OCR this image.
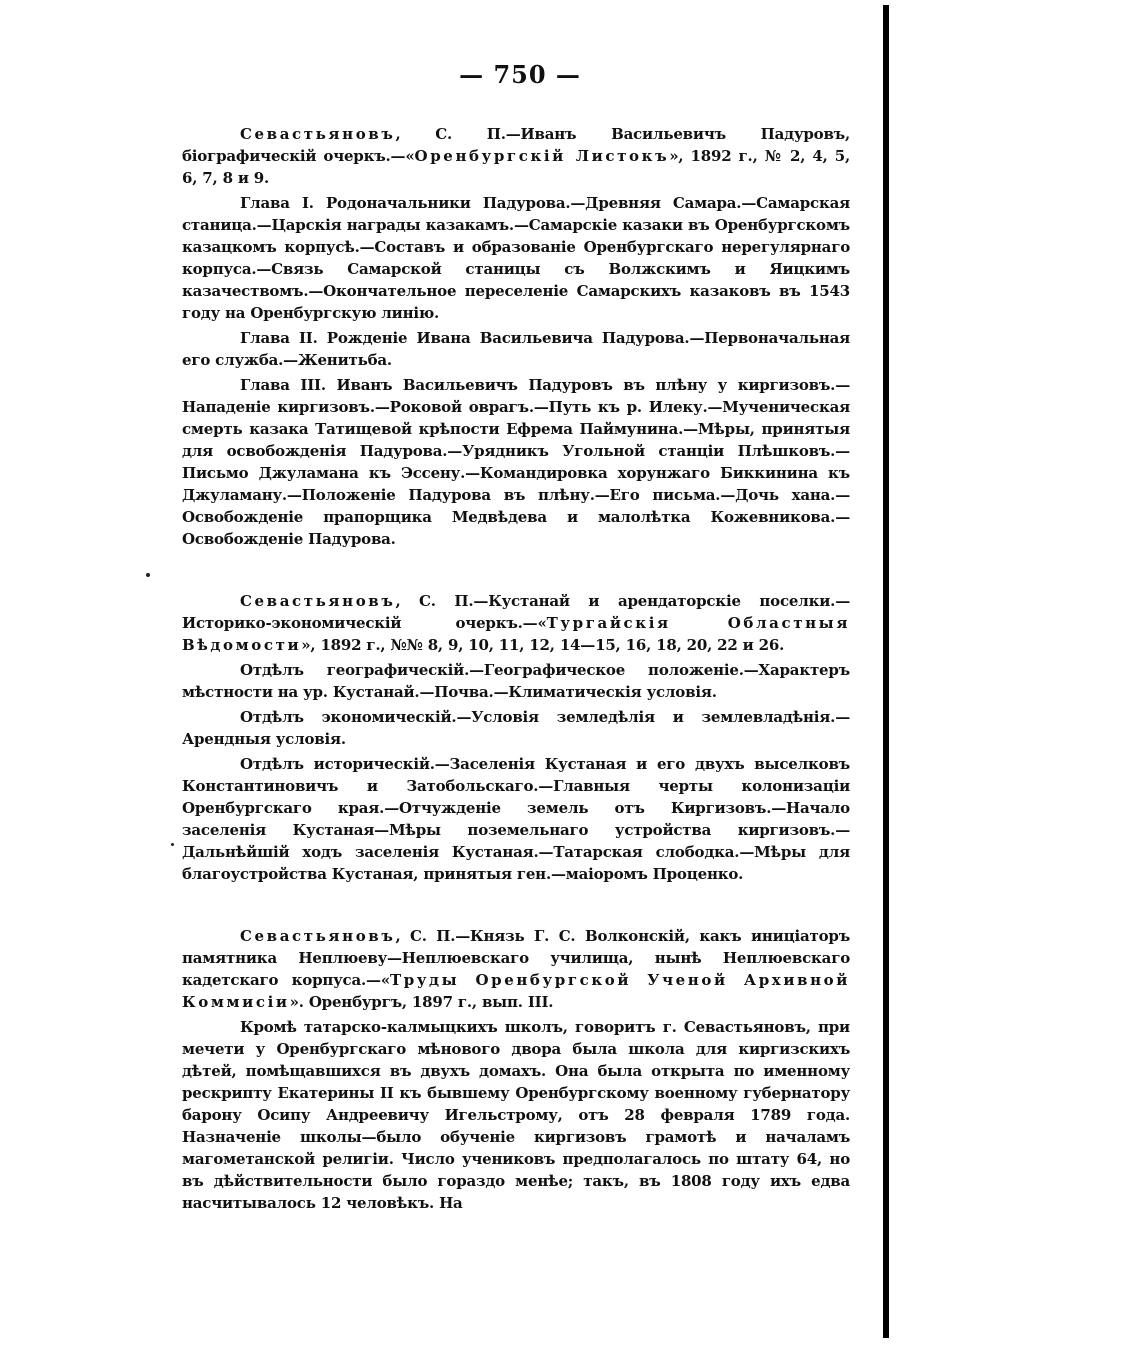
— 750 —

Севастьяновъ, С. П.—Иванъ Васильевичъ Падуровъ, біографическій очеркъ.—«Оренбургскій Листокъ», 1892 г., № 2, 4, 5, 6, 7, 8 и 9.

Глава I. Родоначальники Падурова.—Древняя Самара.—Самарская станица.—Царскія награды казакамъ.—Самарскіе казаки въ Оренбургскомъ казацкомъ корпусѣ.—Составъ и образованіе Оренбургскаго нерегулярнаго корпуса.—Связь Самарской станицы съ Волжскимъ и Яицкимъ казачествомъ.—Окончательное переселеніе Самарскихъ казаковъ въ 1543 году на Оренбургскую линію.

Глава II. Рожденіе Ивана Васильевича Падурова.—Первоначальная его служба.—Женитьба.

Глава III. Иванъ Васильевичъ Падуровъ въ плѣну у киргизовъ.—Нападеніе киргизовъ.—Роковой оврагъ.—Путь къ р. Илеку.—Мученическая смерть казака Татищевой крѣпости Ефрема Паймунина.—Мѣры, принятыя для освобожденія Падурова.—Урядникъ Угольной станціи Плѣшковъ.—Письмо Джуламана къ Эссену.—Командировка хорунжаго Биккинина къ Джуламану.—Положеніе Падурова въ плѣну.—Его письма.—Дочь хана.—Освобожденіе прапорщика Медвѣдева и малолѣтка Кожевникова.—Освобожденіе Падурова.

Севастьяновъ, С. П.—Кустанай и арендаторскіе поселки.—Историко-экономическій очеркъ.—«Тургайскія Областныя Вѣдомости», 1892 г., №№ 8, 9, 10, 11, 12, 14—15, 16, 18, 20, 22 и 26.

Отдѣлъ географическій.—Географическое положеніе.—Характеръ мѣстности на ур. Кустанай.—Почва.—Климатическія условія.

Отдѣлъ экономическій.—Условія земледѣлія и землевладѣнія.—Арендныя условія.

Отдѣлъ историческій.—Заселенія Кустаная и его двухъ выселковъ Константиновичъ и Затобольскаго.—Главныя черты колонизаціи Оренбургскаго края.—Отчужденіе земель отъ Киргизовъ.—Начало заселенія Кустаная—Мѣры поземельнаго устройства киргизовъ.—Дальнѣйшій ходъ заселенія Кустаная.—Татарская слободка.—Мѣры для благоустройства Кустаная, принятыя ген.—маіоромъ Проценко.

Севастьяновъ, С. П.—Князь Г. С. Волконскій, какъ иниціаторъ памятника Неплюеву—Неплюевскаго училища, нынѣ Неплюевскаго кадетскаго корпуса.—«Труды Оренбургской Ученой Архивной Коммисіи». Оренбургъ, 1897 г., вып. III.

Кромѣ татарско-калмыцкихъ школъ, говоритъ г. Севастьяновъ, при мечети у Оренбургскаго мѣнового двора была школа для киргизскихъ дѣтей, помѣщавшихся въ двухъ домахъ. Она была открыта по именному рескрипту Екатерины II къ бывшему Оренбургскому военному губернатору барону Осипу Андреевичу Игельстрому, отъ 28 февраля 1789 года. Назначеніе школы—было обученіе киргизовъ грамотѣ и началамъ магометанской религіи. Число учениковъ предполагалось по штату 64, но въ дѣйствительности было гораздо менѣе; такъ, въ 1808 году ихъ едва насчитывалось 12 человѣкъ. На
